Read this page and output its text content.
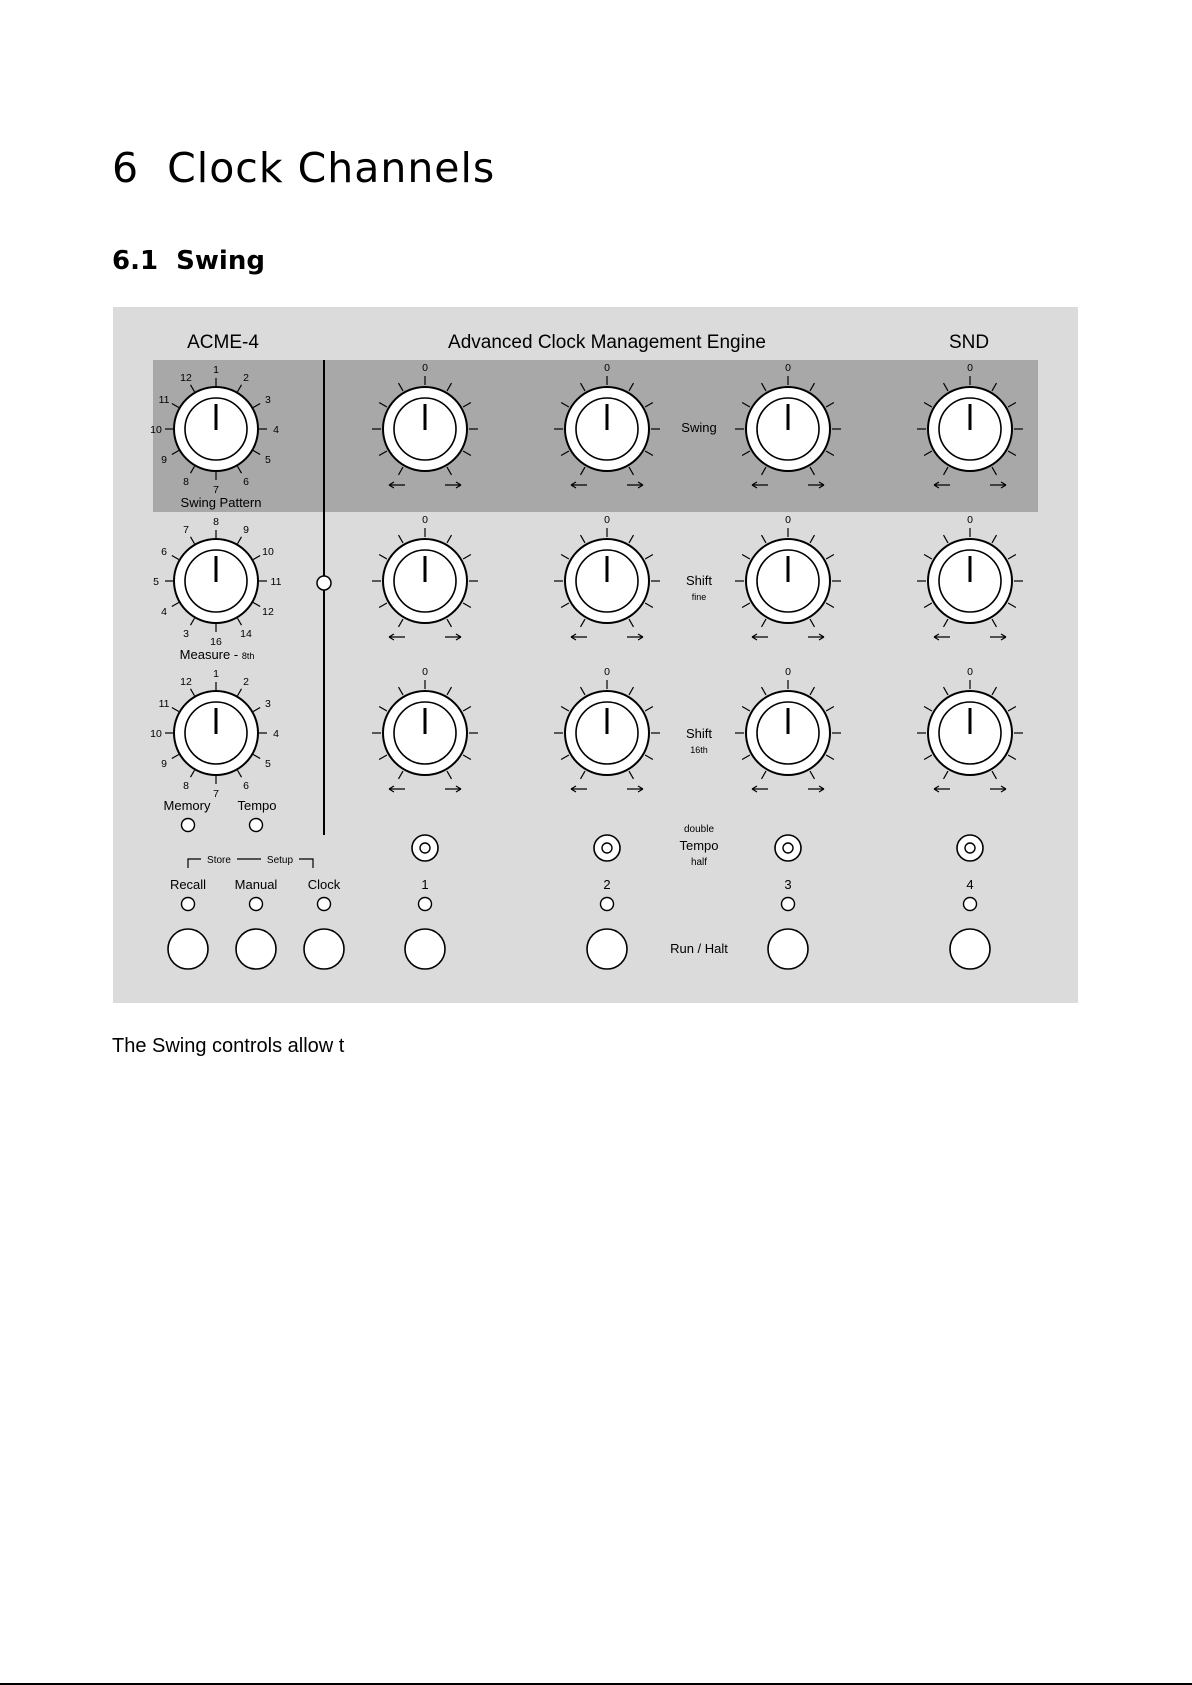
6 Clock Channels
6.1 Swing
ACME-4	Advanced Clock Management Engine	SND
Swing Pattern
Measure - 8th
Swing
Shift
fine
Shift
16th
Memory Tempo
Store	Setup
Recall Manual Clock
double
Tempo
half
Run / Halt
1
2
3
4
5
6
7
8
9
10
11
12
8
9
10
11
12
14
16
3
4
5
6
7
1
2
3
4
5
6
7
8
9
10
11
12
0
0
0
0
0
0
0
0
0
0
0
0
1	2	3	4

The Swing controls allow t
